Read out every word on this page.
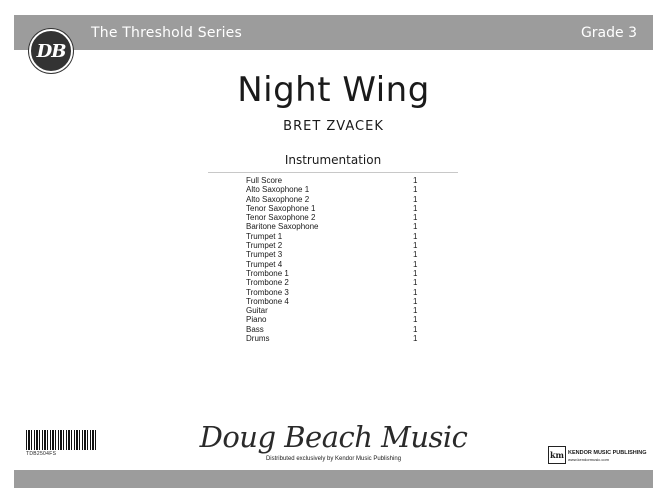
The Threshold Series	Grade 3
DB
Night Wing
BRET ZVACEK
Instrumentation
Full Score	1
Alto Saxophone 1	1
Alto Saxophone 2	1
Tenor Saxophone 1	1
Tenor Saxophone 2	1
Baritone Saxophone	1
Trumpet 1	1
Trumpet 2	1
Trumpet 3	1
Trumpet 4	1
Trombone 1	1
Trombone 2	1
Trombone 3	1
Trombone 4	1
Guitar	1
Piano	1
Bass	1
Drums	1
TDB2504FS	Doug Beach Music
Distributed exclusively by Kendor Music Publishing	km KENDOR MUSIC PUBLISHING
www.kendormusic.com
